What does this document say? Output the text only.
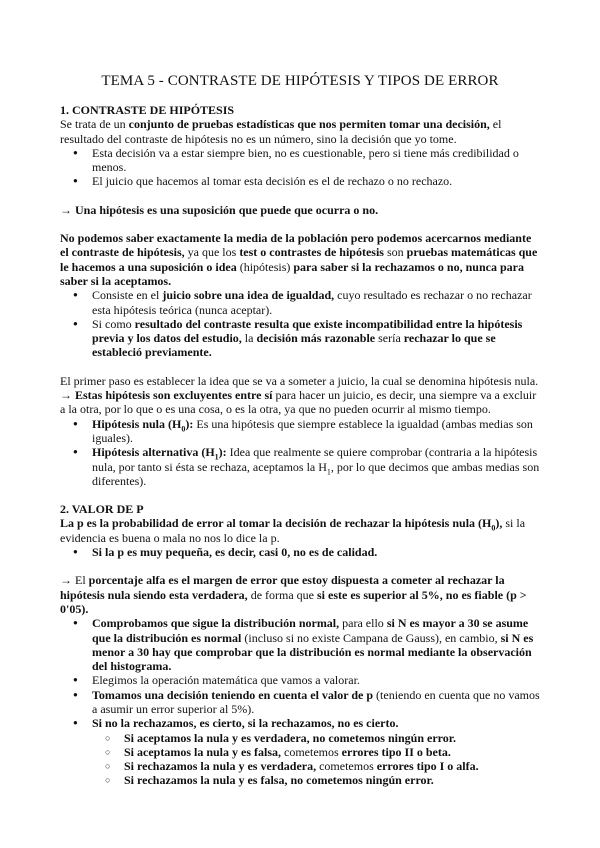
TEMA 5 - CONTRASTE DE HIPÓTESIS Y TIPOS DE ERROR
1. CONTRASTE DE HIPÓTESIS

Se trata de un conjunto de pruebas estadísticas que nos permiten tomar una decisión, el resultado del contraste de hipótesis no es un número, sino la decisión que yo tome.

● Esta decisión va a estar siempre bien, no es cuestionable, pero si tiene más credibilidad o menos.
● El juicio que hacemos al tomar esta decisión es el de rechazo o no rechazo.

→ Una hipótesis es una suposición que puede que ocurra o no.

No podemos saber exactamente la media de la población pero podemos acercarnos mediante el contraste de hipótesis, ya que los test o contrastes de hipótesis son pruebas matemáticas que le hacemos a una suposición o idea (hipótesis) para saber si la rechazamos o no, nunca para saber si la aceptamos.

● Consiste en el juicio sobre una idea de igualdad, cuyo resultado es rechazar o no rechazar esta hipótesis teórica (nunca aceptar).
● Si como resultado del contraste resulta que existe incompatibilidad entre la hipótesis previa y los datos del estudio, la decisión más razonable sería rechazar lo que se estableció previamente.

El primer paso es establecer la idea que se va a someter a juicio, la cual se denomina hipótesis nula.

→ Estas hipótesis son excluyentes entre sí para hacer un juicio, es decir, una siempre va a excluir a la otra, por lo que o es una cosa, o es la otra, ya que no pueden ocurrir al mismo tiempo.

● Hipótesis nula $(H_0)$: Es una hipótesis que siempre establece la igualdad (ambas medias son iguales).
● Hipótesis alternativa $(H_1)$: Idea que realmente se quiere comprobar (contraria a la hipótesis nula, por tanto si ésta se rechaza, aceptamos la $H_1$, por lo que decimos que ambas medias son diferentes).
2. VALOR DE P

La p es la probabilidad de error al tomar la decisión de rechazar la hipótesis nula $(H_0)$, si la evidencia es buena o mala no nos lo dice la p.

● Si la p es muy pequeña, es decir, casi 0, no es de calidad.

→ El porcentaje alfa es el margen de error que estoy dispuesta a cometer al rechazar la hipótesis nula siendo esta verdadera, de forma que si este es superior al 5%, no es fiable (p > 0'05).

● Comprobamos que sigue la distribución normal, para ello si N es mayor a 30 se asume que la distribución es normal (incluso si no existe Campana de Gauss), en cambio, si N es menor a 30 hay que comprobar que la distribución es normal mediante la observación del histograma.
● Elegimos la operación matemática que vamos a valorar.
● Tomamos una decisión teniendo en cuenta el valor de p (teniendo en cuenta que no vamos a asumir un error superior al 5%).
● Si no la rechazamos, es cierto, si la rechazamos, no es cierto.
○ Si aceptamos la nula y es verdadera, no cometemos ningún error.
○ Si aceptamos la nula y es falsa, cometemos errores tipo II o beta.
○ Si rechazamos la nula y es verdadera, cometemos errores tipo I o alfa.
○ Si rechazamos la nula y es falsa, no cometemos ningún error.
